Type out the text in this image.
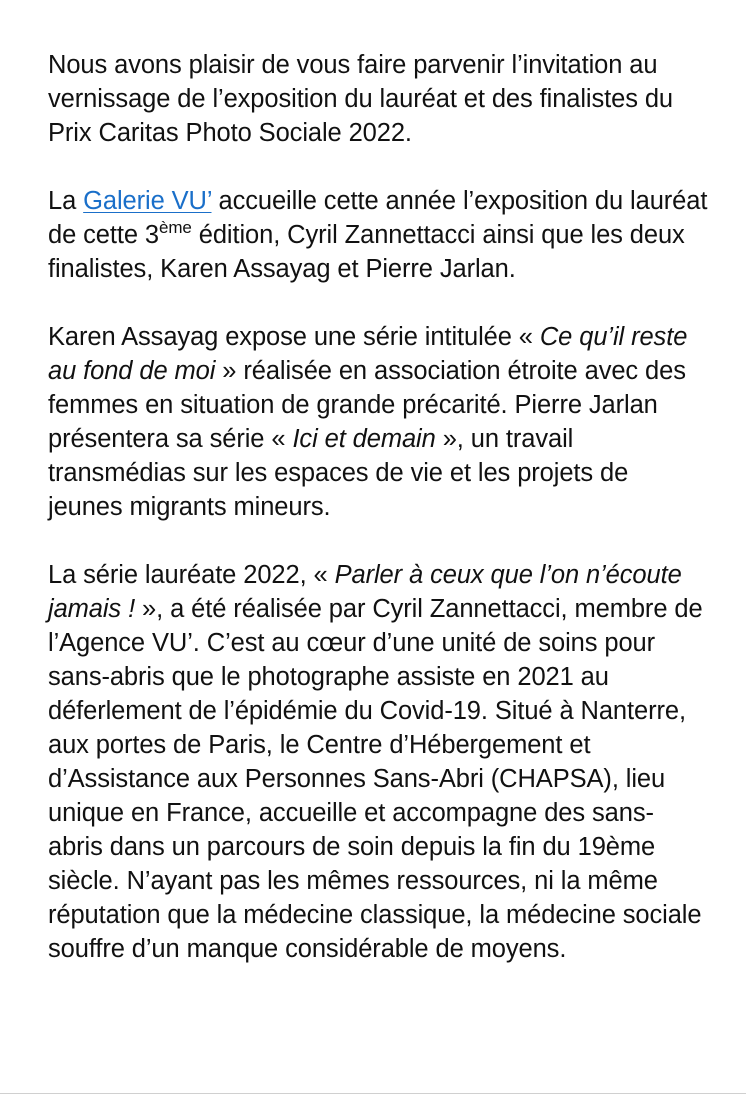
Nous avons plaisir de vous faire parvenir l’invitation au vernissage de l’exposition du lauréat et des finalistes du Prix Caritas Photo Sociale 2022.

La Galerie VU’ accueille cette année l’exposition du lauréat de cette 3ème édition, Cyril Zannettacci ainsi que les deux finalistes, Karen Assayag et Pierre Jarlan.

Karen Assayag expose une série intitulée « Ce qu’il reste au fond de moi » réalisée en association étroite avec des femmes en situation de grande précarité. Pierre Jarlan présentera sa série « Ici et demain », un travail transmédias sur les espaces de vie et les projets de jeunes migrants mineurs.

La série lauréate 2022, « Parler à ceux que l’on n’écoute jamais ! », a été réalisée par Cyril Zannettacci, membre de l’Agence VU’. C’est au cœur d’une unité de soins pour sans-abris que le photographe assiste en 2021 au déferlement de l’épidémie du Covid-19. Situé à Nanterre, aux portes de Paris, le Centre d’Hébergement et d’Assistance aux Personnes Sans-Abri (CHAPSA), lieu unique en France, accueille et accompagne des sans-abris dans un parcours de soin depuis la fin du 19ème siècle. N’ayant pas les mêmes ressources, ni la même réputation que la médecine classique, la médecine sociale souffre d’un manque considérable de moyens.
